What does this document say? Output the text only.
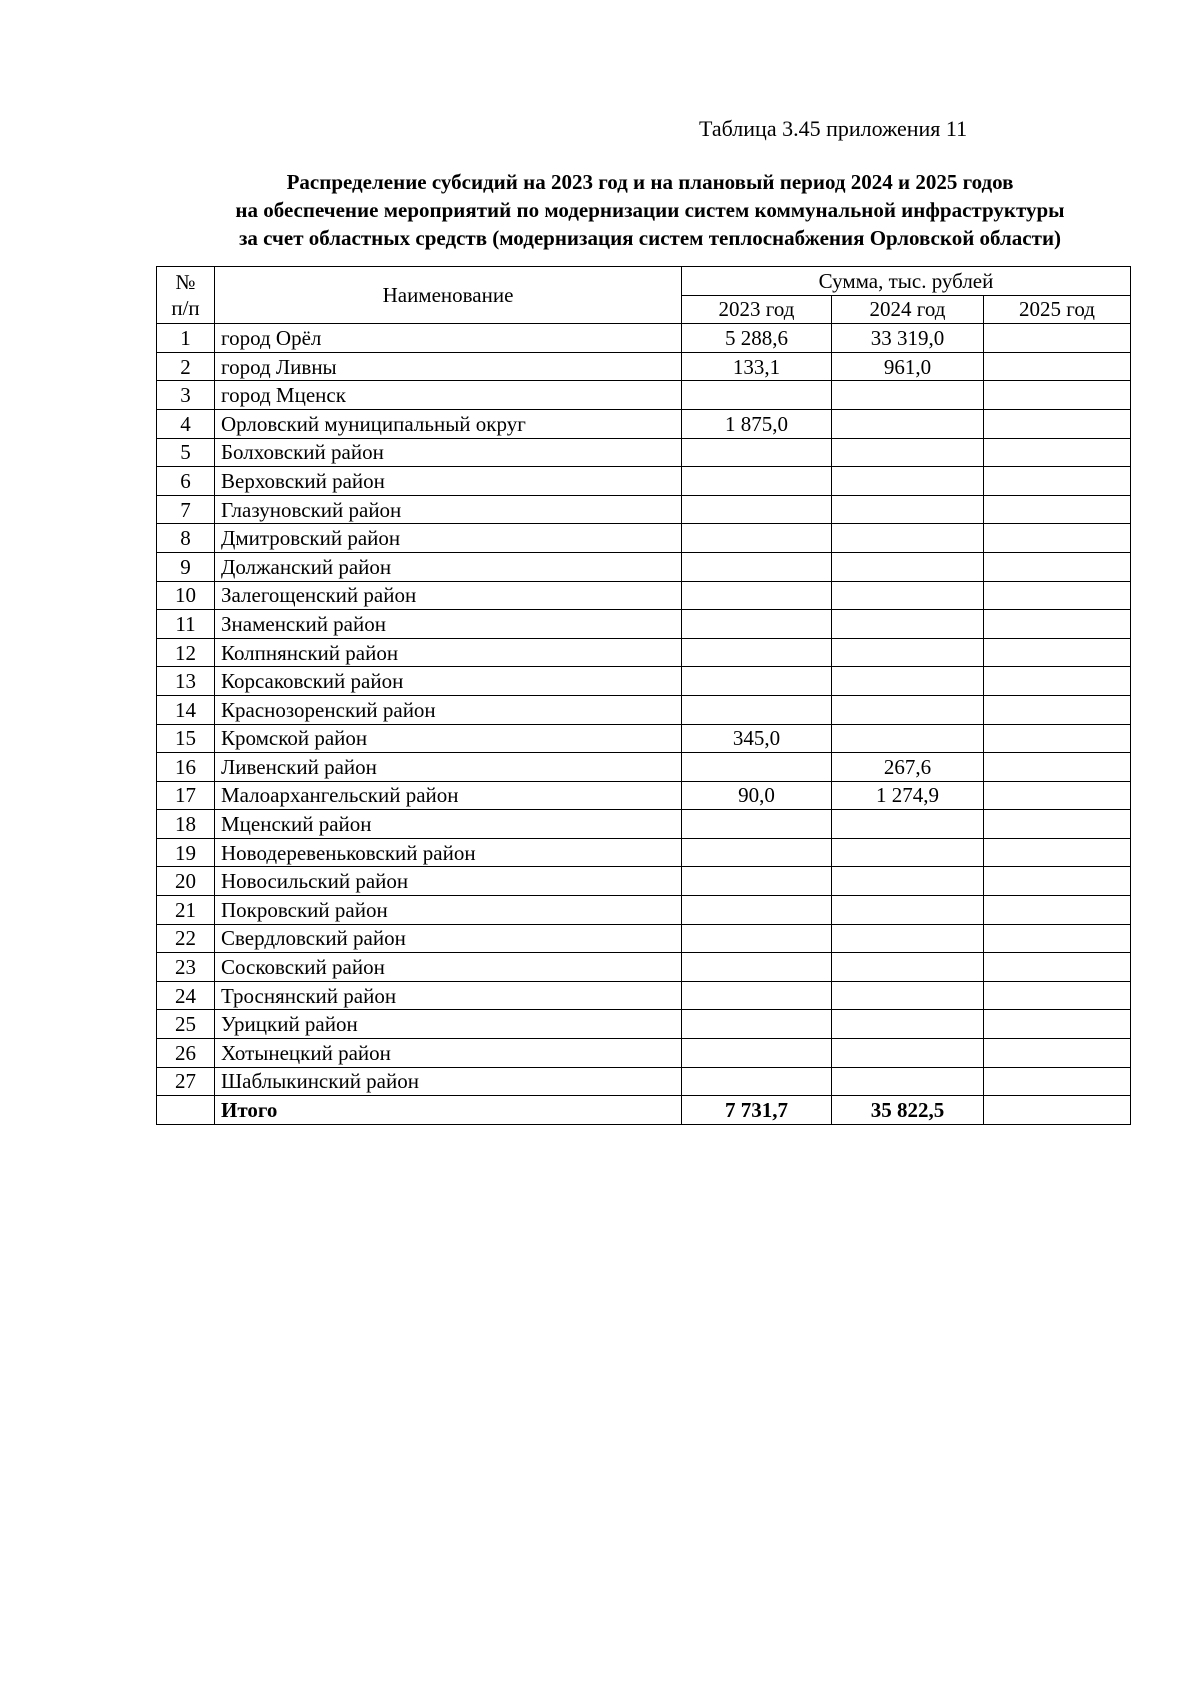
Таблица 3.45 приложения 11
Распределение субсидий на 2023 год и на плановый период 2024 и 2025 годов
на обеспечение мероприятий по модернизации систем коммунальной инфраструктуры
за счет областных средств (модернизация систем теплоснабжения Орловской области)
№
п/п	Наименование	Сумма, тыс. рублей		
		2023 год	2024 год	2025 год
1	город Орёл	5 288,6	33 319,0	
2	город Ливны	133,1	961,0	
3	город Мценск			
4	Орловский муниципальный округ	1 875,0		
5	Болховский район			
6	Верховский район			
7	Глазуновский район			
8	Дмитровский район			
9	Должанский район			
10	Залегощенский район			
11	Знаменский район			
12	Колпнянский район			
13	Корсаковский район			
14	Краснозоренский район			
15	Кромской район	345,0		
16	Ливенский район		267,6	
17	Малоархангельский район	90,0	1 274,9	
18	Мценский район			
19	Новодеревеньковский район			
20	Новосильский район			
21	Покровский район			
22	Свердловский район			
23	Сосковский район			
24	Троснянский район			
25	Урицкий район			
26	Хотынецкий район			
27	Шаблыкинский район			
	Итого	7 731,7	35 822,5	
